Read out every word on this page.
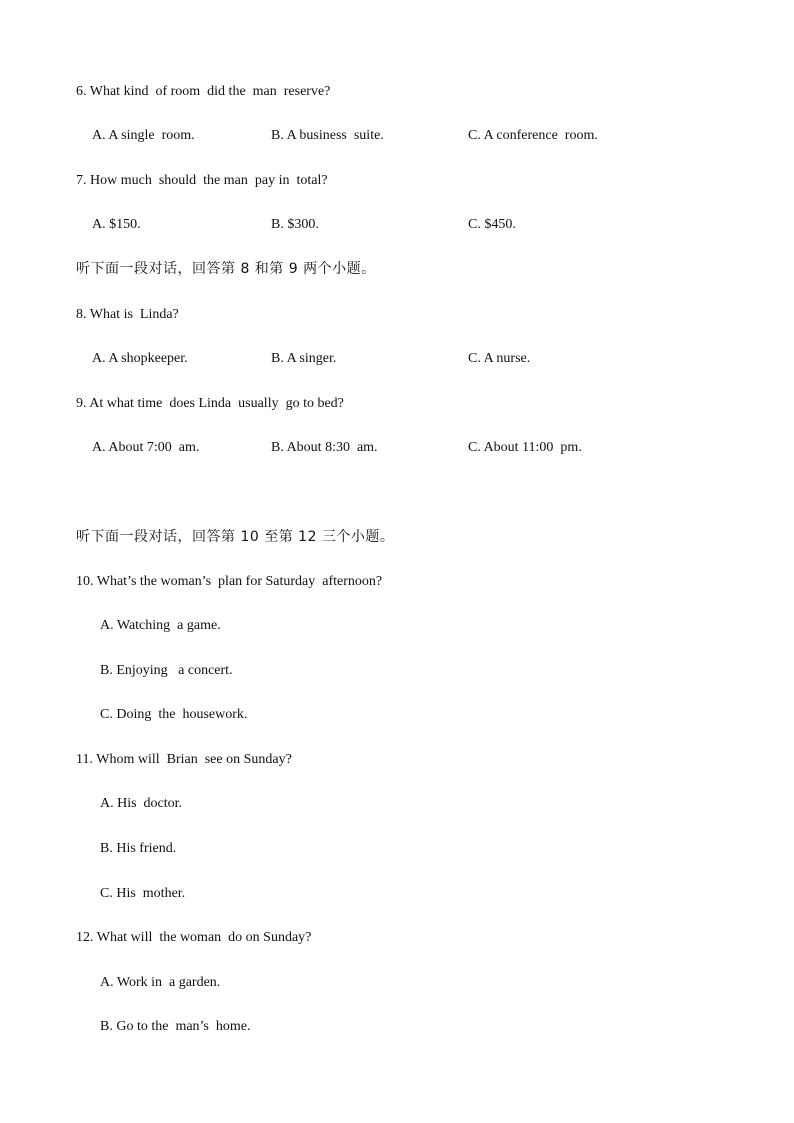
6. What kind  of room  did the  man  reserve?
A. A single  room.	B. A business  suite.	C. A conference  room.
7. How much  should  the man  pay in  total?
A. $150.	B. $300.	C. $450.
听下面一段对话，回答第 8 和第 9 两个小题。
8. What is  Linda?
A. A shopkeeper.	B. A singer.	C. A nurse.
9. At what time  does Linda  usually  go to bed?
A. About 7:00  am.	B. About 8:30  am.	C. About 11:00  pm.
听下面一段对话，回答第 10 至第 12 三个小题。
10. What’s the woman’s  plan for Saturday  afternoon?
A. Watching  a game.
B. Enjoying   a concert.
C. Doing  the  housework.
11. Whom will  Brian  see on Sunday?
A. His  doctor.
B. His friend.
C. His  mother.
12. What will  the woman  do on Sunday?
A. Work in  a garden.
B. Go to the  man’s  home.
